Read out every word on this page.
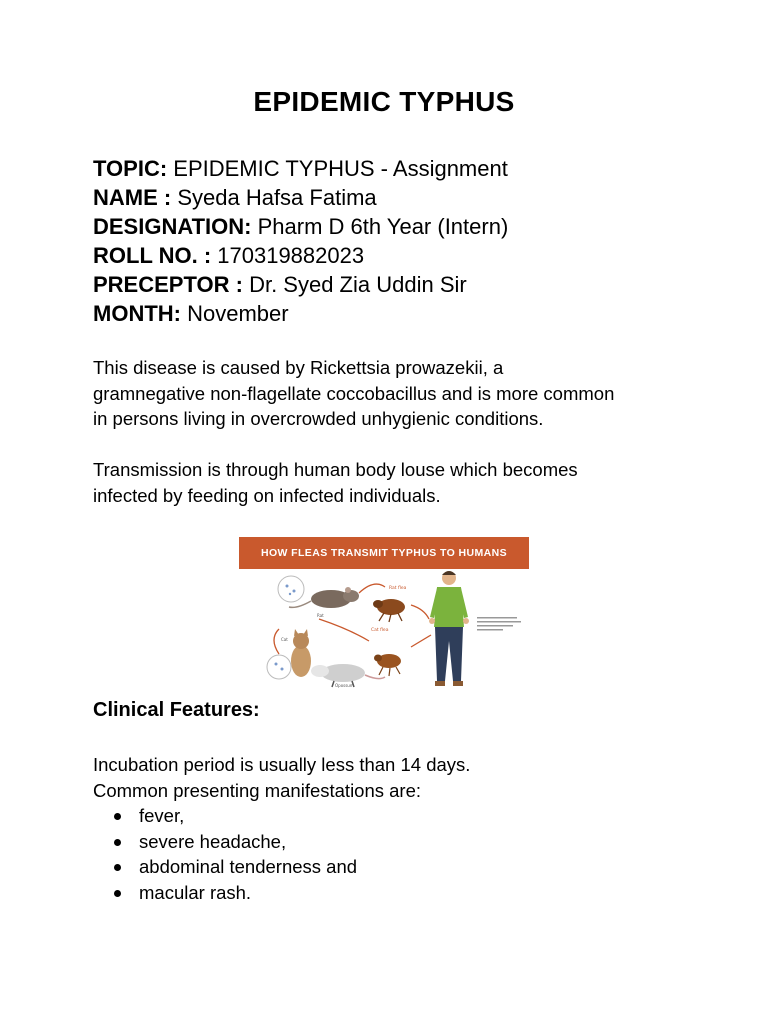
EPIDEMIC TYPHUS
TOPIC: EPIDEMIC TYPHUS - Assignment
NAME : Syeda Hafsa Fatima
DESIGNATION: Pharm D 6th Year (Intern)
ROLL NO. : 170319882023
PRECEPTOR : Dr. Syed Zia Uddin Sir
MONTH: November
This disease is caused by Rickettsia prowazekii, a
gramnegative non-flagellate coccobacillus and is more common
in persons living in overcrowded unhygienic conditions.
Transmission is through human body louse which becomes
infected by feeding on infected individuals.
HOW FLEAS TRANSMIT TYPHUS TO HUMANS
Rat
Rat flea
Cat
Cat flea
Opossum
Clinical Features:
Incubation period is usually less than 14 days.
Common presenting manifestations are:
fever,
severe headache,
abdominal tenderness and
macular rash.
